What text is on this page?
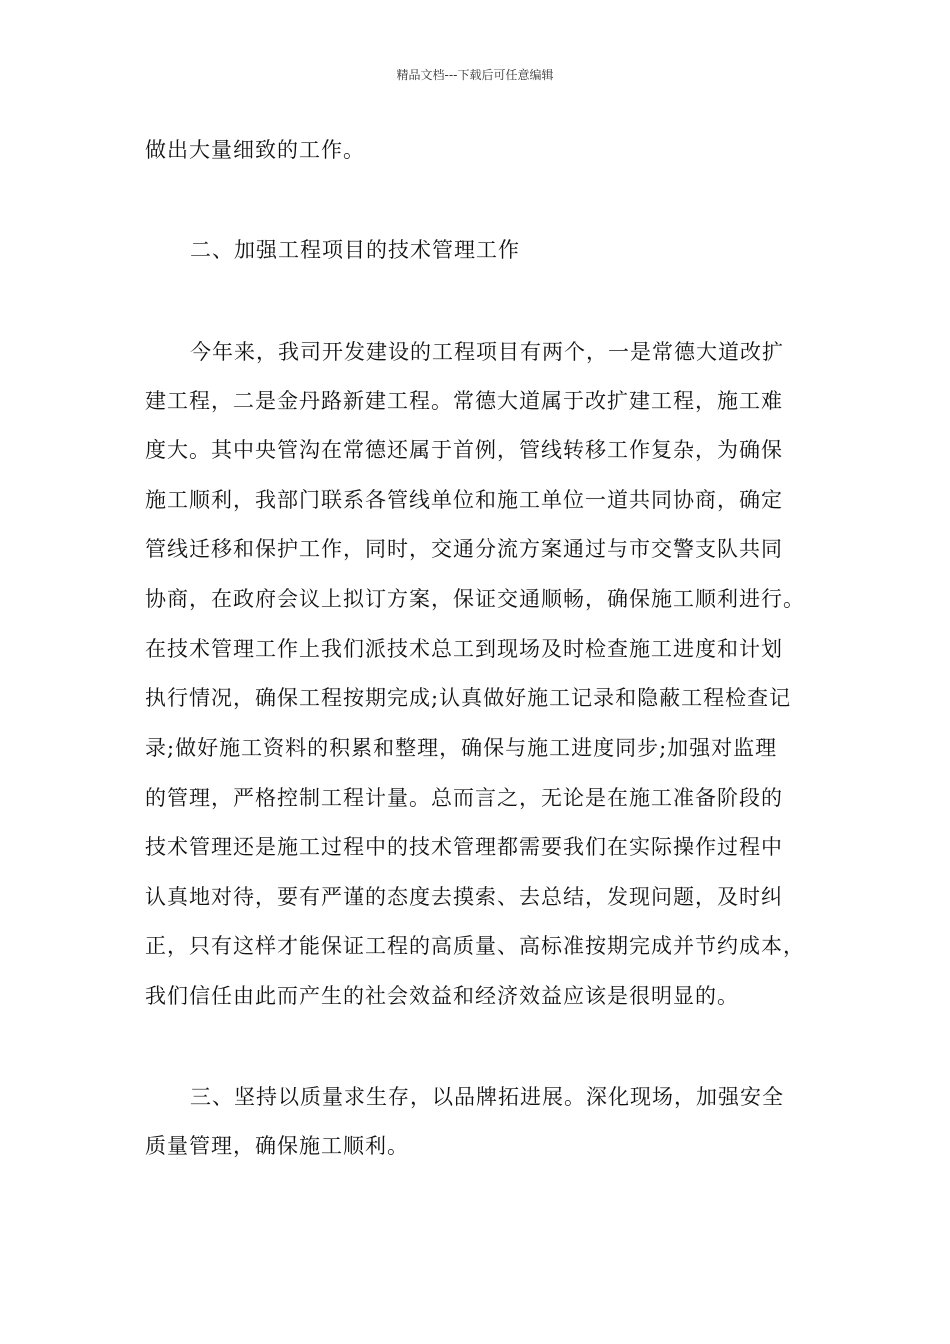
精品文档---下载后可任意编辑
做出大量细致的工作。
二、加强工程项目的技术管理工作
今年来，我司开发建设的工程项目有两个，一是常德大道改扩
建工程，二是金丹路新建工程。常德大道属于改扩建工程，施工难
度大。其中央管沟在常德还属于首例，管线转移工作复杂，为确保
施工顺利，我部门联系各管线单位和施工单位一道共同协商，确定
管线迁移和保护工作，同时，交通分流方案通过与市交警支队共同
协商，在政府会议上拟订方案，保证交通顺畅，确保施工顺利进行。
在技术管理工作上我们派技术总工到现场及时检查施工进度和计划
执行情况，确保工程按期完成;认真做好施工记录和隐蔽工程检查记
录;做好施工资料的积累和整理，确保与施工进度同步;加强对监理
的管理，严格控制工程计量。总而言之，无论是在施工准备阶段的
技术管理还是施工过程中的技术管理都需要我们在实际操作过程中
认真地对待，要有严谨的态度去摸索、去总结，发现问题，及时纠
正，只有这样才能保证工程的高质量、高标准按期完成并节约成本，
我们信任由此而产生的社会效益和经济效益应该是很明显的。
三、坚持以质量求生存，以品牌拓进展。深化现场，加强安全
质量管理，确保施工顺利。
